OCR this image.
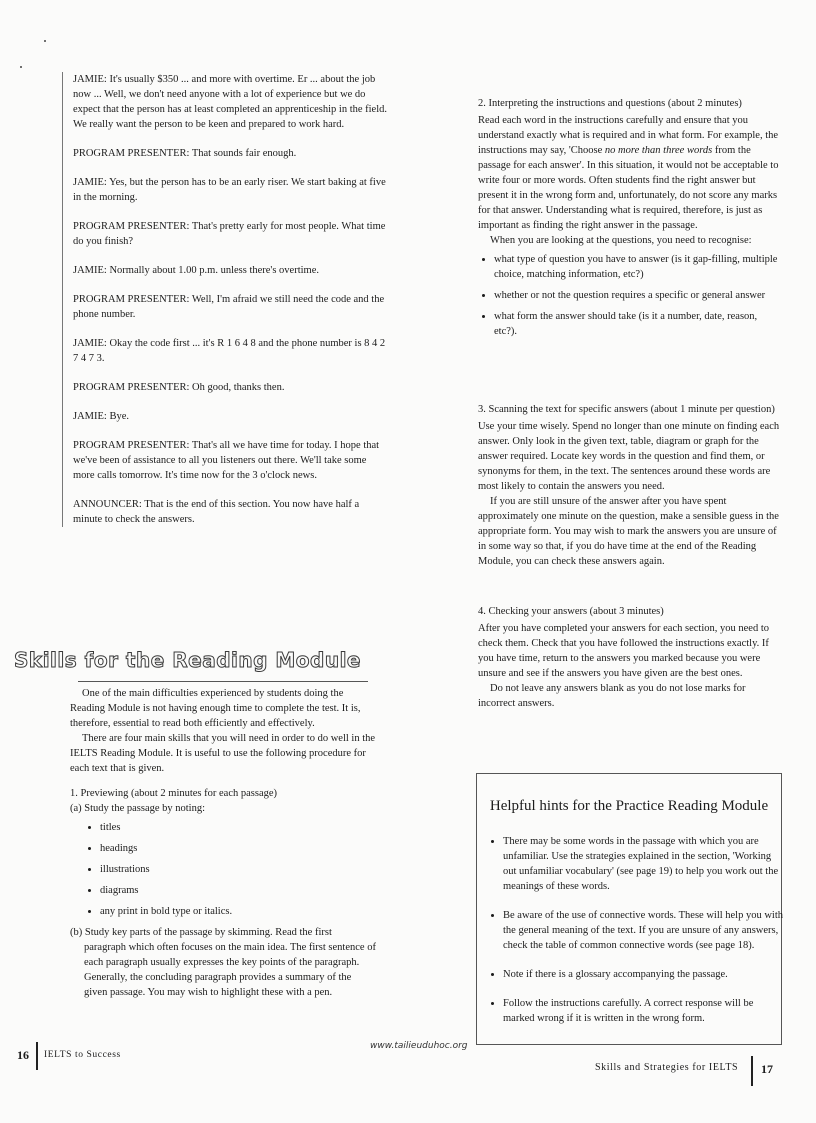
JAMIE: It's usually $350 ... and more with overtime. Er ... about the job now ... Well, we don't need anyone with a lot of experience but we do expect that the person has at least completed an apprenticeship in the field. We really want the person to be keen and prepared to work hard.

PROGRAM PRESENTER: That sounds fair enough.

JAMIE: Yes, but the person has to be an early riser. We start baking at five in the morning.

PROGRAM PRESENTER: That's pretty early for most people. What time do you finish?

JAMIE: Normally about 1.00 p.m. unless there's overtime.

PROGRAM PRESENTER: Well, I'm afraid we still need the code and the phone number.

JAMIE: Okay the code first ... it's R 1 6 4 8 and the phone number is 8 4 2 7 4 7 3.

PROGRAM PRESENTER: Oh good, thanks then.

JAMIE: Bye.

PROGRAM PRESENTER: That's all we have time for today. I hope that we've been of assistance to all you listeners out there. We'll take some more calls tomorrow. It's time now for the 3 o'clock news.

ANNOUNCER: That is the end of this section. You now have half a minute to check the answers.

Skills for the Reading Module

One of the main difficulties experienced by students doing the Reading Module is not having enough time to complete the test. It is, therefore, essential to read both efficiently and effectively.

There are four main skills that you will need in order to do well in the IELTS Reading Module. It is useful to use the following procedure for each text that is given.

1. Previewing (about 2 minutes for each passage)

(a) Study the passage by noting:

• titles
• headings
• illustrations
• diagrams
• any print in bold type or italics.

(b) Study key parts of the passage by skimming. Read the first paragraph which often focuses on the main idea. The first sentence of each paragraph usually expresses the key points of the paragraph. Generally, the concluding paragraph provides a summary of the given passage. You may wish to highlight these with a pen.

16 IELTS to Success
www.tailieuduhoc.org

2. Interpreting the instructions and questions (about 2 minutes)

Read each word in the instructions carefully and ensure that you understand exactly what is required and in what form. For example, the instructions may say, 'Choose no more than three words from the passage for each answer'. In this situation, it would not be acceptable to write four or more words. Often students find the right answer but present it in the wrong form and, unfortunately, do not score any marks for that answer. Understanding what is required, therefore, is just as important as finding the right answer in the passage.

When you are looking at the questions, you need to recognise:

• what type of question you have to answer (is it gap-filling, multiple choice, matching information, etc?)
• whether or not the question requires a specific or general answer
• what form the answer should take (is it a number, date, reason, etc?).

3. Scanning the text for specific answers (about 1 minute per question)

Use your time wisely. Spend no longer than one minute on finding each answer. Only look in the given text, table, diagram or graph for the answer required. Locate key words in the question and find them, or synonyms for them, in the text. The sentences around these words are most likely to contain the answers you need.

If you are still unsure of the answer after you have spent approximately one minute on the question, make a sensible guess in the appropriate form. You may wish to mark the answers you are unsure of in some way so that, if you do have time at the end of the Reading Module, you can check these answers again.

4. Checking your answers (about 3 minutes)

After you have completed your answers for each section, you need to check them. Check that you have followed the instructions exactly. If you have time, return to the answers you marked because you were unsure and see if the answers you have given are the best ones.

Do not leave any answers blank as you do not lose marks for incorrect answers.

Helpful hints for the Practice Reading Module
• There may be some words in the passage with which you are unfamiliar. Use the strategies explained in the section, 'Working out unfamiliar vocabulary' (see page 19) to help you work out the meanings of these words.
• Be aware of the use of connective words. These will help you with the general meaning of the text. If you are unsure of any answers, check the table of common connective words (see page 18).
• Note if there is a glossary accompanying the passage.
• Follow the instructions carefully. A correct response will be marked wrong if it is written in the wrong form.
Skills and Strategies for IELTS 17
